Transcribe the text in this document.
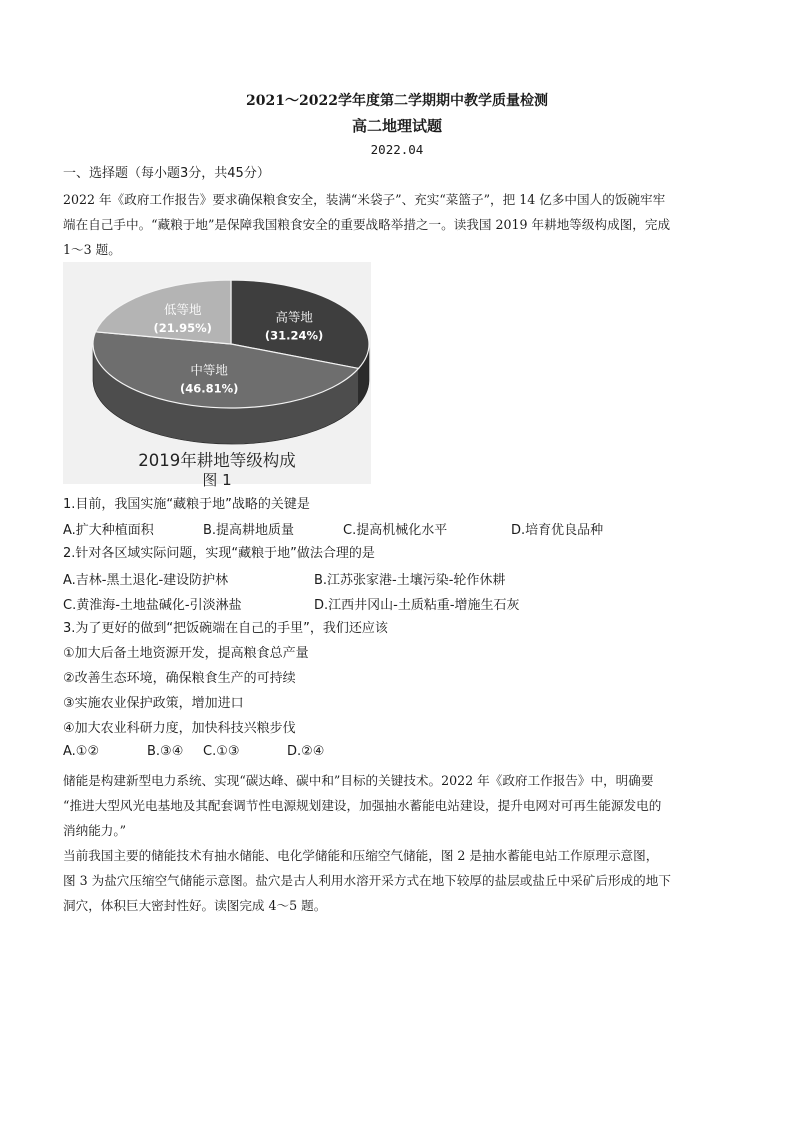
2021～2022学年度第二学期期中教学质量检测
高二地理试题
2022.04
一、选择题（每小题3分，共45分）
2022 年《政府工作报告》要求确保粮食安全，装满“米袋子”、充实“菜篮子”，把 14 亿多中国人的饭碗牢牢
端在自己手中。“藏粮于地”是保障我国粮食安全的重要战略举措之一。读我国 2019 年耕地等级构成图，完成
1～3 题。
高等地
(31.24%)
中等地
(46.81%)
低等地
(21.95%)
2019年耕地等级构成
图 1
1.目前，我国实施“藏粮于地”战略的关键是
A.扩大种植面积	B.提高耕地质量	C.提高机械化水平	D.培育优良品种
2.针对各区域实际问题，实现“藏粮于地”做法合理的是
A.吉林-黑土退化-建设防护林	B.江苏张家港-土壤污染-轮作休耕
C.黄淮海-土地盐碱化-引淡淋盐	D.江西井冈山-土质粘重-增施生石灰
3.为了更好的做到“把饭碗端在自己的手里”，我们还应该
①加大后备土地资源开发，提高粮食总产量
②改善生态环境，确保粮食生产的可持续
③实施农业保护政策，增加进口
④加大农业科研力度，加快科技兴粮步伐
A.①②	B.③④ C.①③	D.②④
储能是构建新型电力系统、实现“碳达峰、碳中和”目标的关键技术。2022 年《政府工作报告》中，明确要
“推进大型风光电基地及其配套调节性电源规划建设，加强抽水蓄能电站建设，提升电网对可再生能源发电的
消纳能力。”
当前我国主要的储能技术有抽水储能、电化学储能和压缩空气储能，图 2 是抽水蓄能电站工作原理示意图，
图 3 为盐穴压缩空气储能示意图。盐穴是古人利用水溶开采方式在地下较厚的盐层或盐丘中采矿后形成的地下
洞穴，体积巨大密封性好。读图完成 4～5 题。
